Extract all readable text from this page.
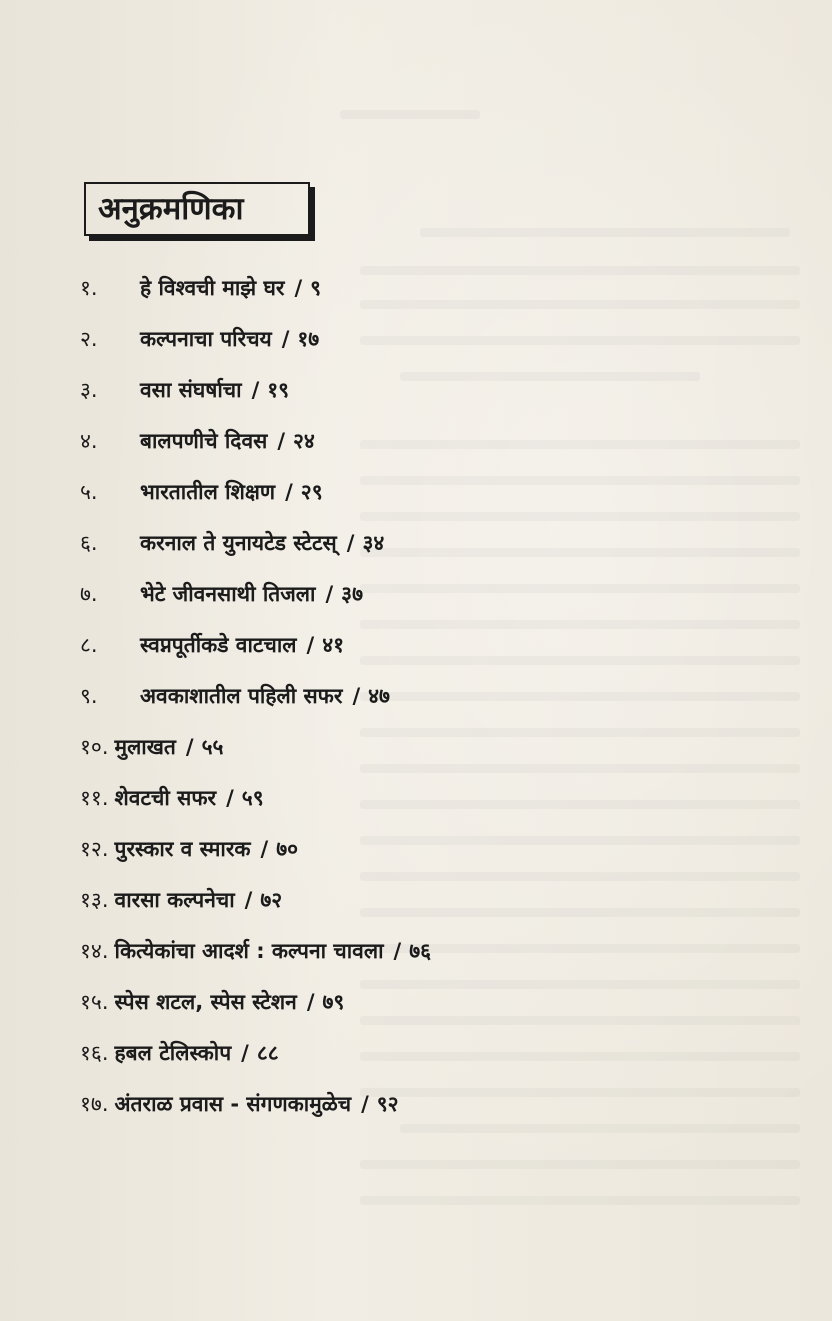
अनुक्रमणिका
१.	हे विश्वची माझे घर / ९
२.	कल्पनाचा परिचय / १७
३.	वसा संघर्षाचा / १९
४.	बालपणीचे दिवस / २४
५.	भारतातील शिक्षण / २९
६.	करनाल ते युनायटेड स्टेटस् / ३४
७.	भेटे जीवनसाथी तिजला / ३७
८.	स्वप्नपूर्तीकडे वाटचाल / ४१
९.	अवकाशातील पहिली सफर / ४७
१०. मुलाखत / ५५
११. शेवटची सफर / ५९
१२. पुरस्कार व स्मारक / ७०
१३. वारसा कल्पनेचा / ७२
१४. कित्येकांचा आदर्श : कल्पना चावला / ७६
१५. स्पेस शटल, स्पेस स्टेशन / ७९
१६. हबल टेलिस्कोप / ८८
१७. अंतराळ प्रवास - संगणकामुळेच / ९२
